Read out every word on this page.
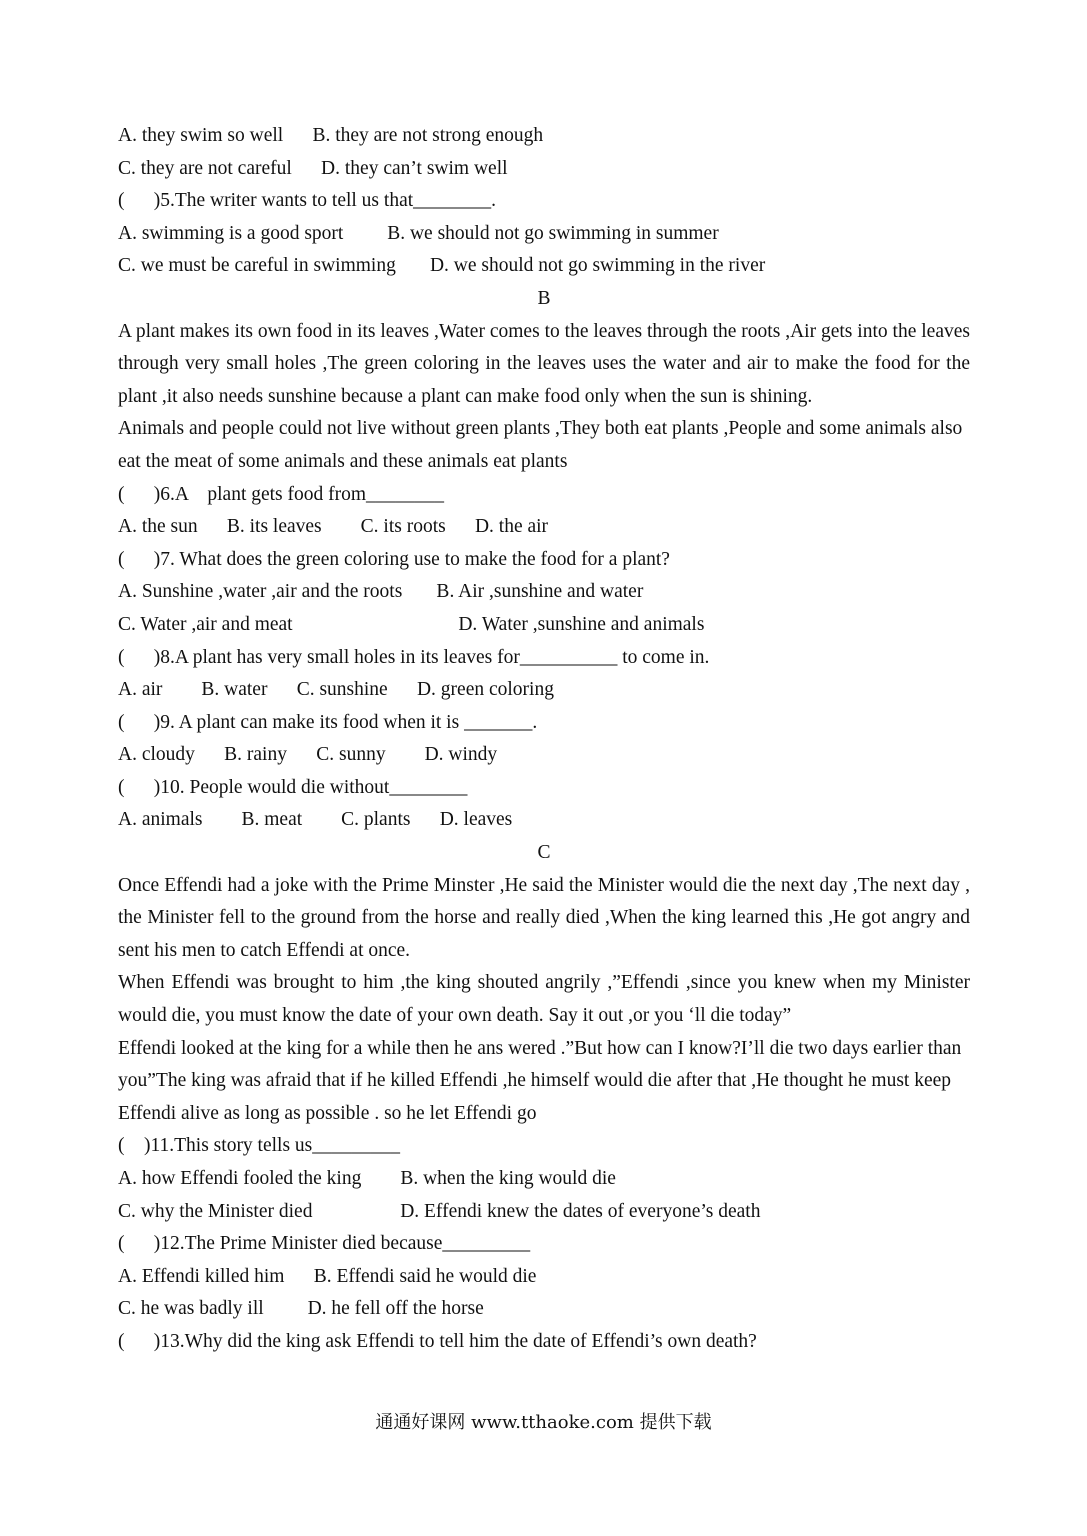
A. they swim so well      B. they are not strong enough
C. they are not careful      D. they can’t swim well
(      )5.The writer wants to tell us that________.
A. swimming is a good sport         B. we should not go swimming in summer
C. we must be careful in swimming       D. we should not go swimming in the river
B
A plant makes its own food in its leaves ,Water comes to the leaves through the roots ,Air gets into the leaves through very small holes ,The green coloring in the leaves uses the water and air to make the food for the plant ,it also needs sunshine because a plant can make food only when the sun is shining.
Animals and people could not live without green plants ,They both eat plants ,People and some animals also eat the meat of some animals and these animals eat plants
(      )6.A    plant gets food from________
A. the sun      B. its leaves        C. its roots      D. the air
(      )7. What does the green coloring use to make the food for a plant?
A. Sunshine ,water ,air and the roots       B. Air ,sunshine and water
C. Water ,air and meat                                  D. Water ,sunshine and animals
(      )8.A plant has very small holes in its leaves for__________ to come in.
A. air        B. water      C. sunshine      D. green coloring
(      )9. A plant can make its food when it is _______.
A. cloudy      B. rainy      C. sunny        D. windy
(      )10. People would die without________
A. animals        B. meat        C. plants      D. leaves
C
Once Effendi had a joke with the Prime Minster ,He said the Minister would die the next day ,The next day , the Minister fell to the ground from the horse and really died ,When the king learned this ,He got angry and sent his men to catch Effendi at once.
When Effendi was brought to him ,the king shouted angrily ,”Effendi ,since you knew when my Minister would die, you must know the date of your own death. Say it out ,or you ‘ll die today”
Effendi looked at the king for a while then he ans wered .”But how can I know?I’ll die two days earlier than you”The king was afraid that if he killed Effendi ,he himself would die after that ,He thought he must keep Effendi alive as long as possible . so he let Effendi go
(    )11.This story tells us_________
A. how Effendi fooled the king        B. when the king would die
C. why the Minister died                  D. Effendi knew the dates of everyone’s death
(      )12.The Prime Minister died because_________
A. Effendi killed him      B. Effendi said he would die
C. he was badly ill         D. he fell off the horse
(      )13.Why did the king ask Effendi to tell him the date of Effendi’s own death?
通通好课网 www.tthaoke.com 提供下载
